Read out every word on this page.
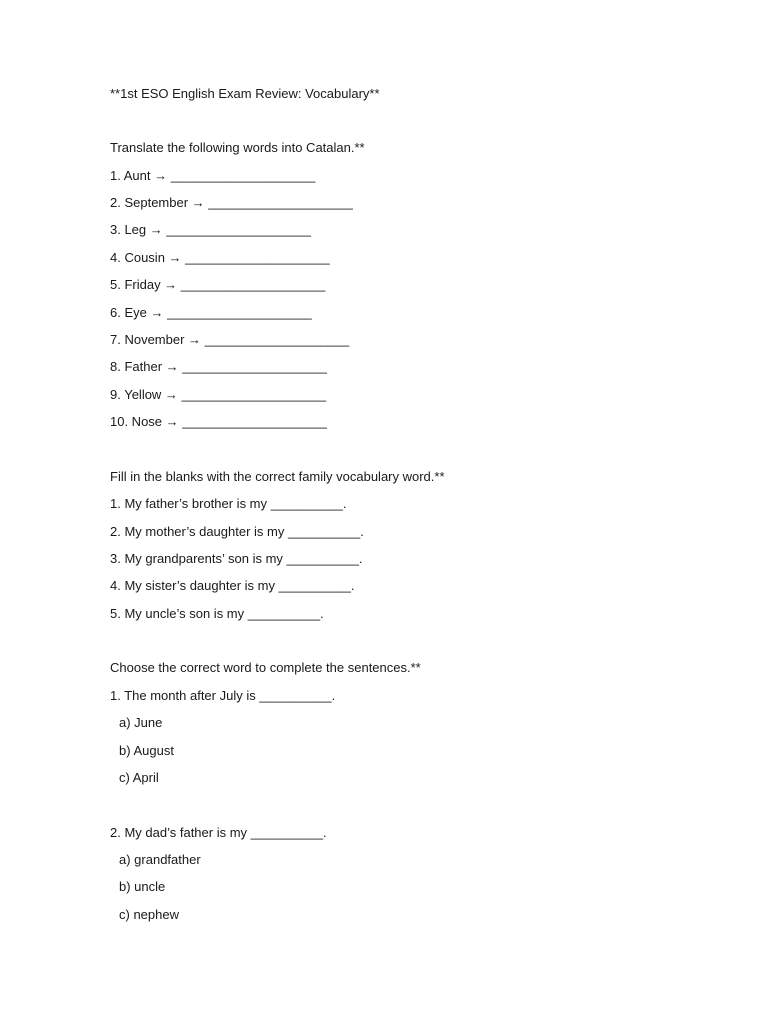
**1st ESO English Exam Review: Vocabulary**
Translate the following words into Catalan.**
1. Aunt → ____________________
2. September → ____________________
3. Leg → ____________________
4. Cousin → ____________________
5. Friday → ____________________
6. Eye → ____________________
7. November → ____________________
8. Father → ____________________
9. Yellow → ____________________
10. Nose → ____________________
Fill in the blanks with the correct family vocabulary word.**
1. My father’s brother is my __________.
2. My mother’s daughter is my __________.
3. My grandparents’ son is my __________.
4. My sister’s daughter is my __________.
5. My uncle’s son is my __________.
Choose the correct word to complete the sentences.**
1. The month after July is __________.
a) June
b) August
c) April
2. My dad’s father is my __________.
a) grandfather
b) uncle
c) nephew
